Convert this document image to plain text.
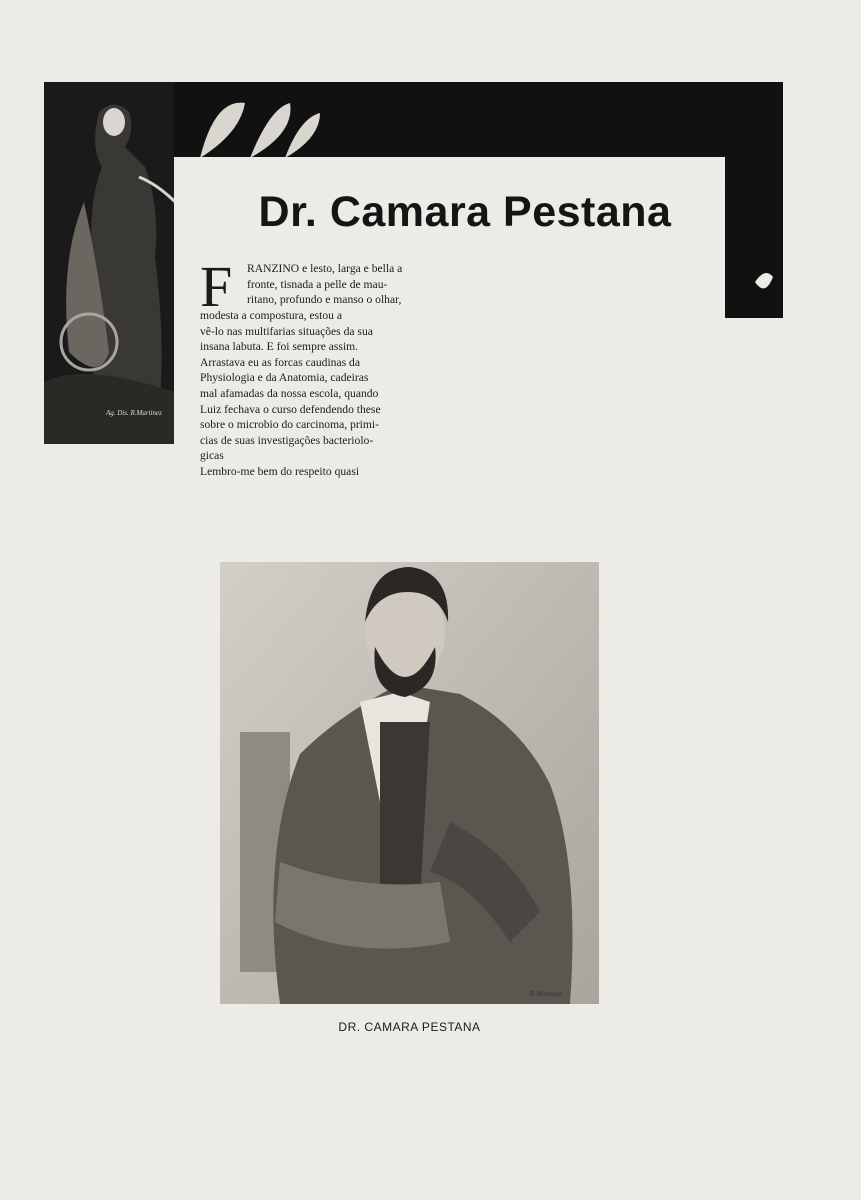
Ag. Dis. R.Martinez
Dr. Camara Pestana
F RANZINO e lesto, larga e bella a
fronte, tisnada a pelle de mau-
ritano, profundo e manso o olhar,
modesta a compostura, estou a
vê-lo nas multifarias situações da sua
insana labuta. E foi sempre assim.
Arrastava eu as forcas caudinas da
Physiologia e da Anatomia, cadeiras
mal afamadas da nossa escola, quando
Luiz fechava o curso defendendo these
sobre o microbio do carcinoma, primi-
cias de suas investigações bacteriolo-
gicas
Lembro-me bem do respeito quasi
R.Martinez
DR. CAMARA PESTANA
